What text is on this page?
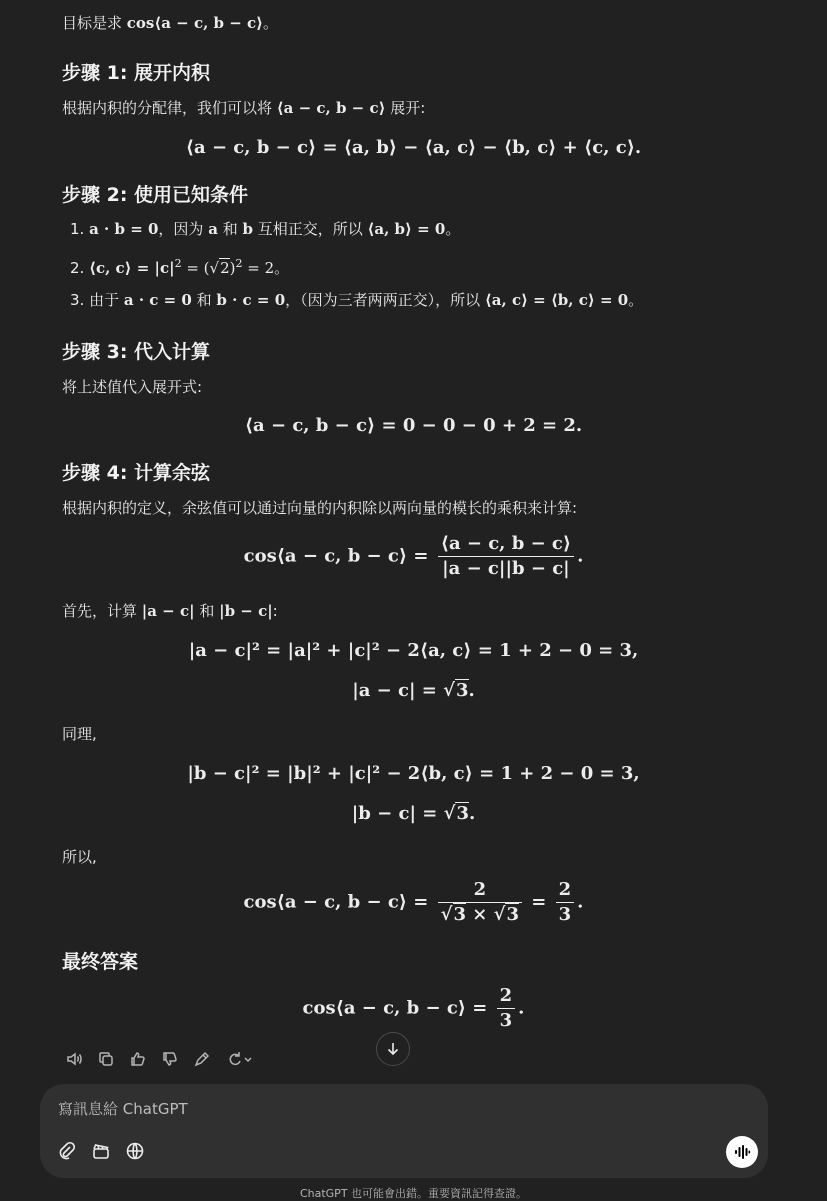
目标是求 cos⟨a − c, b − c⟩。
步骤 1: 展开内积
根据内积的分配律，我们可以将 ⟨a − c, b − c⟩ 展开:
⟨a − c, b − c⟩ = ⟨a, b⟩ − ⟨a, c⟩ − ⟨b, c⟩ + ⟨c, c⟩.
步骤 2: 使用已知条件
1. a · b = 0，因为 a 和 b 互相正交，所以 ⟨a, b⟩ = 0。
2. ⟨c, c⟩ = $|c|^2 = (√2)^2 = 2$。
3. 由于 a · c = 0 和 b · c = 0，（因为三者两两正交），所以 ⟨a, c⟩ = ⟨b, c⟩ = 0。
步骤 3: 代入计算
将上述值代入展开式:
⟨a − c, b − c⟩ = 0 − 0 − 0 + 2 = 2.
步骤 4: 计算余弦
根据内积的定义，余弦值可以通过向量的内积除以两向量的模长的乘积来计算:
cos⟨a − c, b − c⟩ = $\frac{⟨a - c, b - c⟩}{|a - c||b - c|}$ .
首先，计算 |a − c| 和 |b − c|:
|a − c|² = |a|² + |c|² − 2⟨a, c⟩ = 1 + 2 − 0 = 3,
|a − c| = √3.
同理,
|b − c|² = |b|² + |c|² − 2⟨b, c⟩ = 1 + 2 − 0 = 3,
|b − c| = √3.
所以,
cos⟨a − c, b − c⟩ = $\frac{2}{√3 \times √3} = \frac{2}{3}$ .
最终答案
cos⟨a − c, b − c⟩ = $\frac{2}{3}$ .
寫訊息給 ChatGPT
ChatGPT 也可能會出錯。重要資訊記得查證。
